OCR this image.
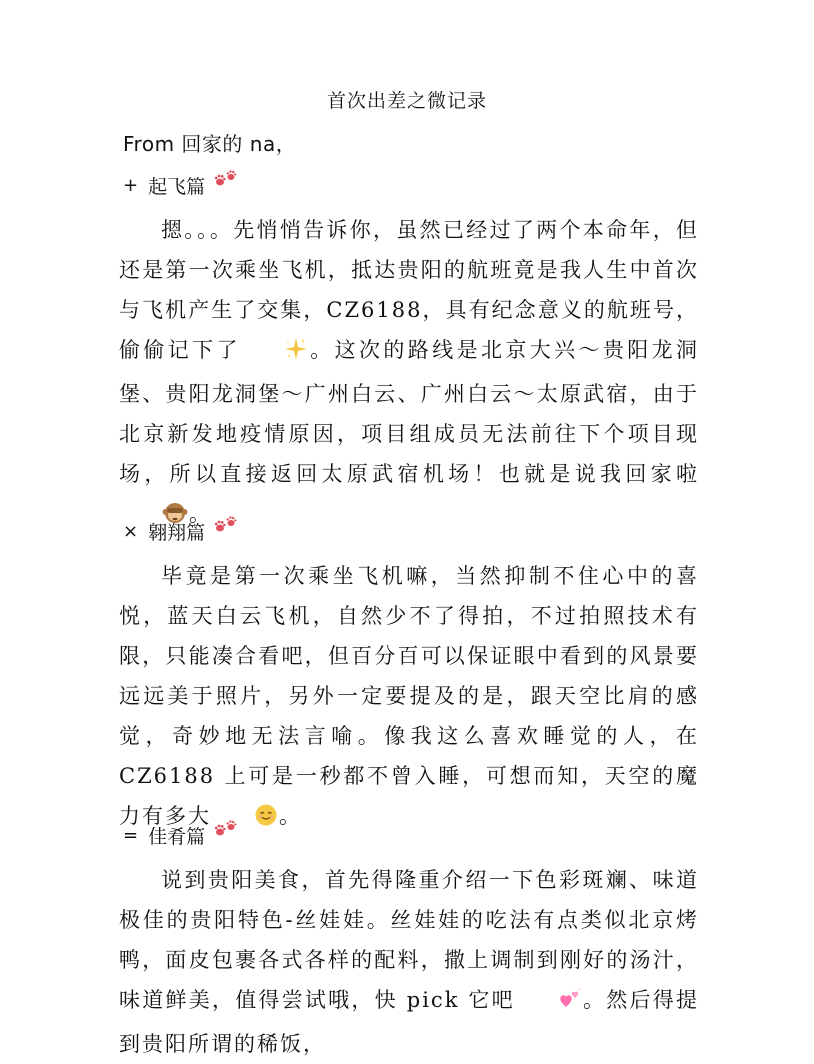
首次出差之微记录
From 回家的 na，
+ 起飞篇
摁。。。先悄悄告诉你，虽然已经过了两个本命年，但还是第一次乘坐飞机，抵达贵阳的航班竟是我人生中首次与飞机产生了交集，CZ6188，具有纪念意义的航班号，偷偷记下了	。这次的路线是北京大兴～贵阳龙洞堡、贵阳龙洞堡～广州白云、广州白云～太原武宿，由于北京新发地疫情原因，项目组成员无法前往下个项目现场，所以直接返回太原武宿机场！也就是说我回家啦。
× 翱翔篇
毕竟是第一次乘坐飞机嘛，当然抑制不住心中的喜悦，蓝天白云飞机，自然少不了得拍，不过拍照技术有限，只能凑合看吧，但百分百可以保证眼中看到的风景要远远美于照片，另外一定要提及的是，跟天空比肩的感觉，奇妙地无法言喻。像我这么喜欢睡觉的人，在 CZ6188 上可是一秒都不曾入睡，可想而知，天空的魔力有多大	。
= 佳肴篇
说到贵阳美食，首先得隆重介绍一下色彩斑斓、味道极佳的贵阳特色-丝娃娃。丝娃娃的吃法有点类似北京烤鸭，面皮包裹各式各样的配料，撒上调制到刚好的汤汁，味道鲜美，值得尝试哦，快 pick 它吧	。然后得提到贵阳所谓的稀饭，
